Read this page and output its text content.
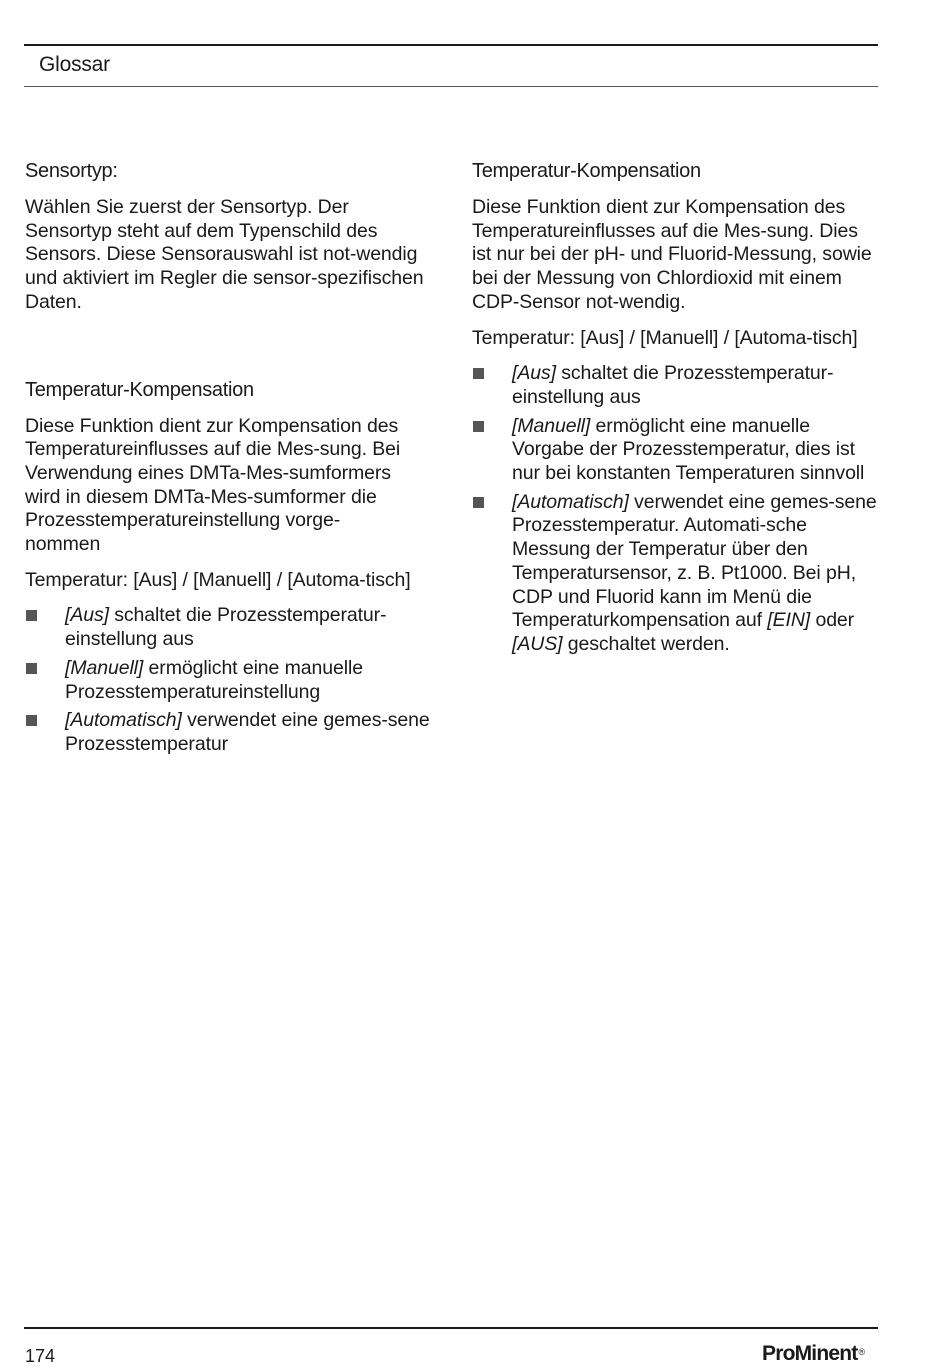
Glossar
Sensortyp:

Wählen Sie zuerst der Sensortyp. Der Sensortyp steht auf dem Typenschild des Sensors. Diese Sensorauswahl ist not-wendig und aktiviert im Regler die sensor-spezifischen Daten.

Temperatur-Kompensation

Diese Funktion dient zur Kompensation des Temperatureinflusses auf die Mes-sung. Bei Verwendung eines DMTa-Mes-sumformers wird in diesem DMTa-Mes-sumformer die Prozesstemperatureinstellung vorge-nommen

Temperatur: [Aus] / [Manuell] / [Automa-tisch]

[Aus] schaltet die Prozesstemperatur-einstellung aus
[Manuell] ermöglicht eine manuelle Prozesstemperatureinstellung
[Automatisch] verwendet eine gemes-sene Prozesstemperatur
Temperatur-Kompensation

Diese Funktion dient zur Kompensation des Temperatureinflusses auf die Mes-sung. Dies ist nur bei der pH- und Fluorid-Messung, sowie bei der Messung von Chlordioxid mit einem CDP-Sensor not-wendig.

Temperatur: [Aus] / [Manuell] / [Automa-tisch]

[Aus] schaltet die Prozesstemperatur-einstellung aus
[Manuell] ermöglicht eine manuelle Vorgabe der Prozesstemperatur, dies ist nur bei konstanten Temperaturen sinnvoll
[Automatisch] verwendet eine gemes-sene Prozesstemperatur. Automati-sche Messung der Temperatur über den Temperatursensor, z. B. Pt1000. Bei pH, CDP und Fluorid kann im Menü die Temperaturkompensation auf [EIN] oder [AUS] geschaltet werden.
174	ProMinent®
